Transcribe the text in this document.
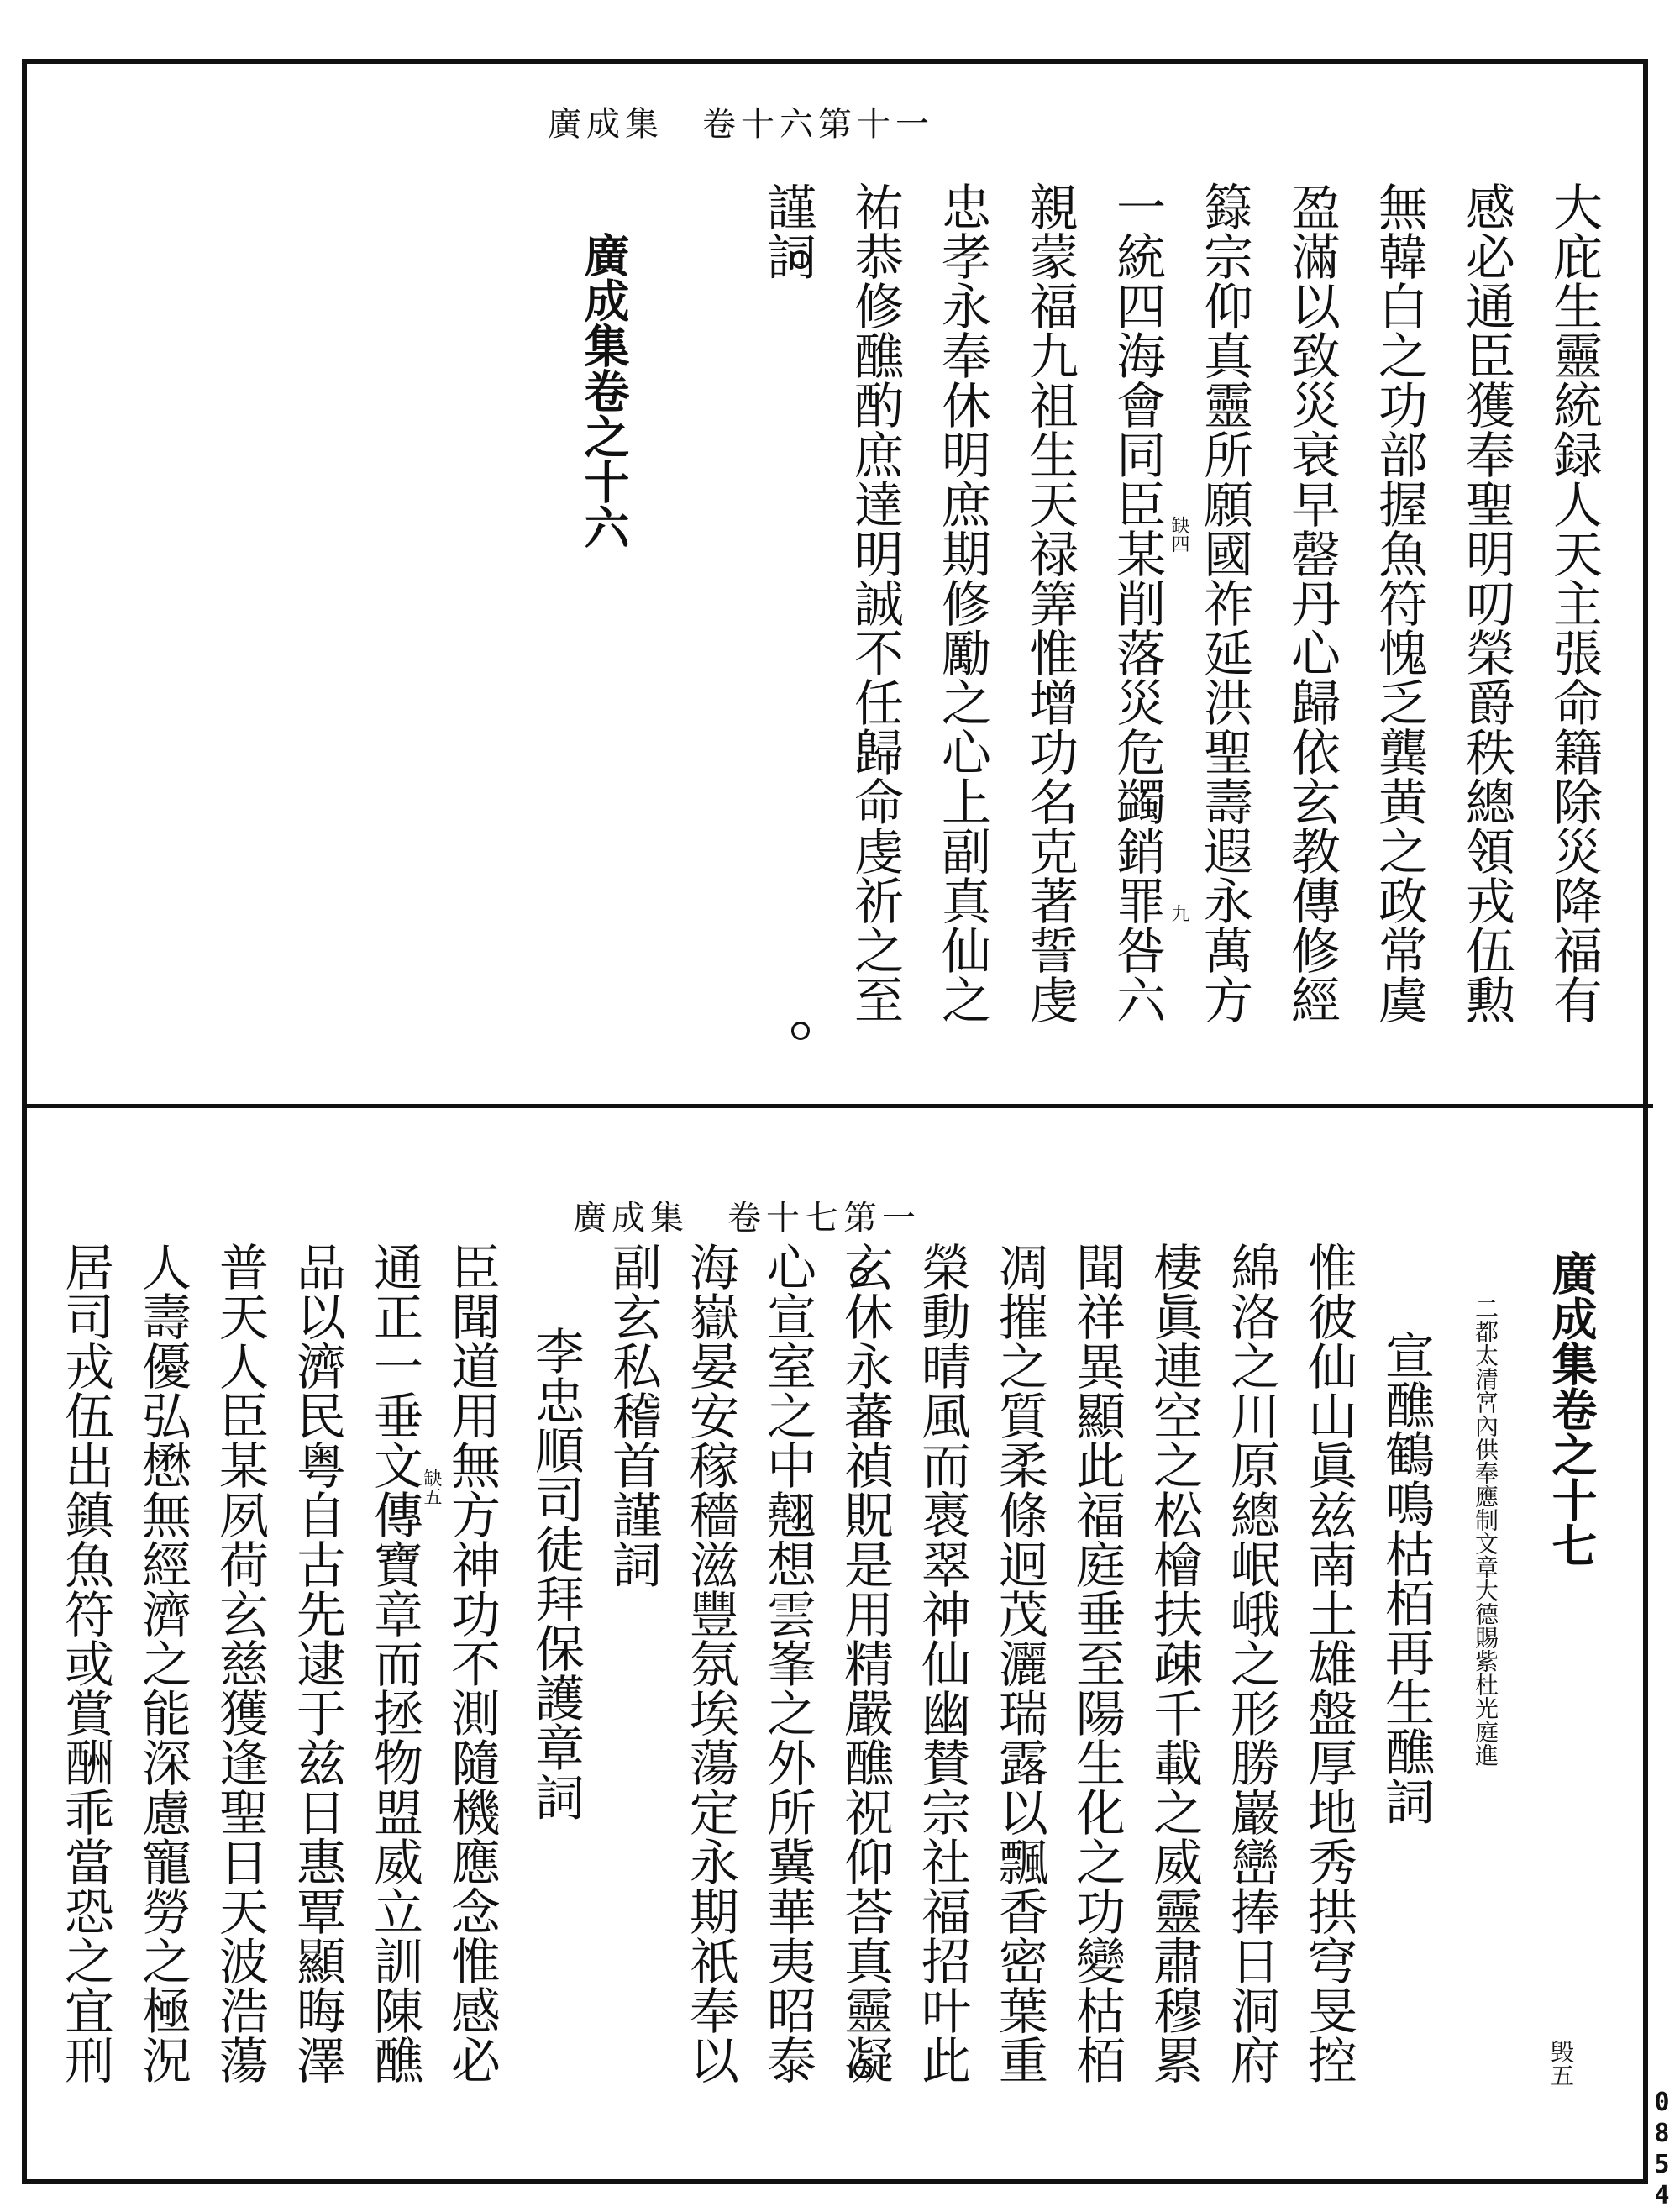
廣成集　卷十六第十一
大庇生靈統録人天主張命籍除災降福有
感必通臣獲奉聖明叨榮爵秩總領戎伍勲
無韓白之功部握魚符愧乏龔黄之政常虞
盈滿以致災衰早罄丹心歸依玄教傳修經
籙宗仰真靈所願國祚延洪聖壽遐永萬方
一統四海會同臣某削落災危蠲銷罪咎六
親蒙福九祖生天禄筭惟增功名克著誓虔
忠孝永奉休明庶期修勵之心上副真仙之
祐恭修醮酌庶達明誠不任歸命虔祈之至
謹詞
缺四
九
廣成集卷之十六
廣成集　卷十七第一
廣成集卷之十七
二都太清宮內供奉應制文章大德賜紫杜光庭進
毁五
宣醮鶴鳴枯栢再生醮詞
惟彼仙山眞兹南土雄盤厚地秀拱穹旻控
綿洛之川原總岷峨之形勝巖巒捧日洞府
棲眞連空之松檜扶疎千載之威靈肅穆累
聞祥異顯此福庭垂至陽生化之功變枯栢
凋摧之質柔條迥茂灑瑞露以飄香密葉重
榮動晴風而褭翠神仙幽賛宗社福招叶此
玄休永蕃禎貺是用精嚴醮祝仰荅真靈凝
心宣室之中翹想雲峯之外所冀華夷昭泰
海嶽晏安稼穡滋豐氛埃蕩定永期祇奉以
副玄私稽首謹詞
李忠順司徒拜保護章詞
臣聞道用無方神功不測隨機應念惟感必
通正一垂文傳寶章而拯物盟威立訓陳醮
品以濟民粤自古先逮于兹日惠覃顯晦澤
普天人臣某夙荷玄慈獲逢聖日天波浩蕩
人壽優弘懋無經濟之能深慮寵勞之極況
居司戎伍出鎮魚符或賞酬乖當恐之宜刑	缺五
0854
